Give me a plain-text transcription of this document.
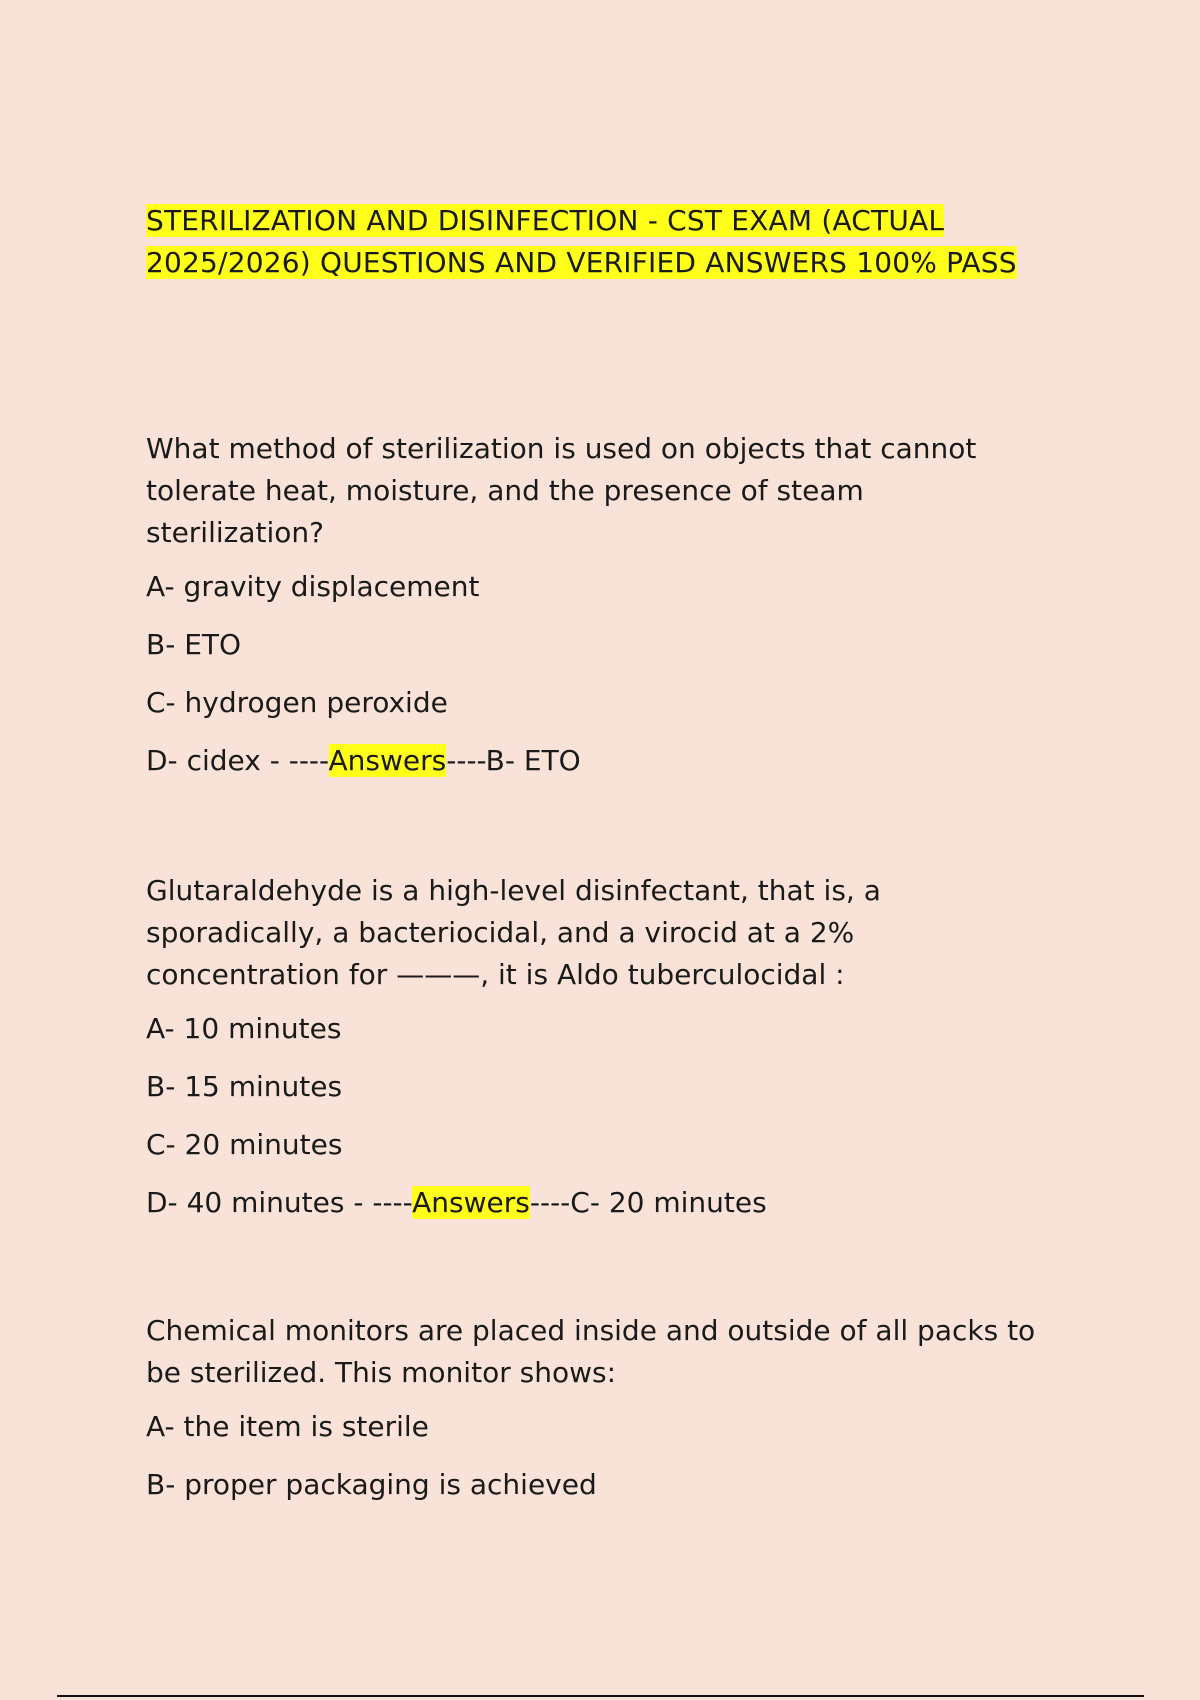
STERILIZATION AND DISINFECTION - CST EXAM (ACTUAL 2025/2026) QUESTIONS AND VERIFIED ANSWERS 100% PASS

What method of sterilization is used on objects that cannot tolerate heat, moisture, and the presence of steam sterilization?

A- gravity displacement

B- ETO

C- hydrogen peroxide

D- cidex - ----Answers----B- ETO

Glutaraldehyde is a high-level disinfectant, that is, a sporadically, a bacteriocidal, and a virocid at a 2% concentration for ———, it is Aldo tuberculocidal :

A- 10 minutes

B- 15 minutes

C- 20 minutes

D- 40 minutes - ----Answers----C- 20 minutes

Chemical monitors are placed inside and outside of all packs to be sterilized. This monitor shows:

A- the item is sterile

B- proper packaging is achieved
